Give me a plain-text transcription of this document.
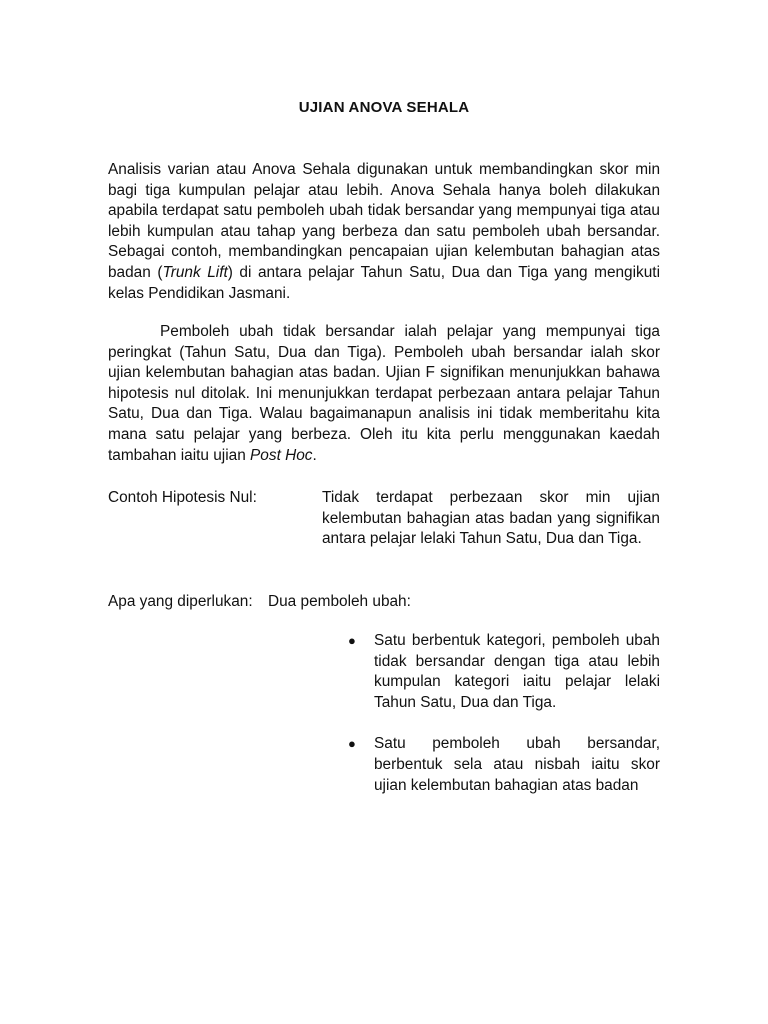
UJIAN ANOVA SEHALA
Analisis varian atau Anova Sehala digunakan untuk membandingkan skor min bagi tiga kumpulan pelajar atau lebih. Anova Sehala hanya boleh dilakukan apabila terdapat satu pemboleh ubah tidak bersandar yang mempunyai tiga atau lebih kumpulan atau tahap yang berbeza dan satu pemboleh ubah bersandar. Sebagai contoh, membandingkan pencapaian ujian kelembutan bahagian atas badan (Trunk Lift) di antara pelajar Tahun Satu, Dua dan Tiga yang mengikuti kelas Pendidikan Jasmani.
Pemboleh ubah tidak bersandar ialah pelajar yang mempunyai tiga peringkat (Tahun Satu, Dua dan Tiga). Pemboleh ubah bersandar ialah skor ujian kelembutan bahagian atas badan. Ujian F signifikan menunjukkan bahawa hipotesis nul ditolak. Ini menunjukkan terdapat perbezaan antara pelajar Tahun Satu, Dua dan Tiga. Walau bagaimanapun analisis ini tidak memberitahu kita mana satu pelajar yang berbeza. Oleh itu kita perlu menggunakan kaedah tambahan iaitu ujian Post Hoc.
Contoh Hipotesis Nul:	Tidak terdapat perbezaan skor min ujian kelembutan bahagian atas badan yang signifikan antara pelajar lelaki Tahun Satu, Dua dan Tiga.
Apa yang diperlukan: Dua pemboleh ubah:
● Satu berbentuk kategori, pemboleh ubah tidak bersandar dengan tiga atau lebih kumpulan kategori iaitu pelajar lelaki Tahun Satu, Dua dan Tiga.
● Satu pemboleh ubah bersandar, berbentuk sela atau nisbah iaitu skor ujian kelembutan bahagian atas badan
